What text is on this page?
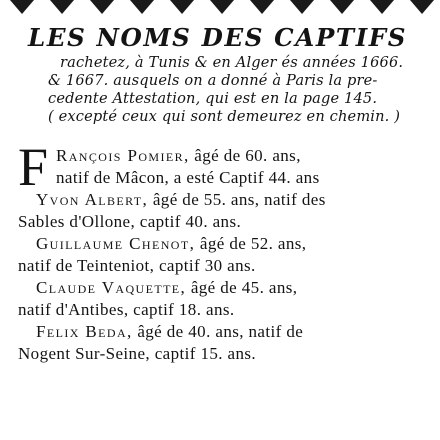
LES NOMS DES CAPTIFS
rachetez, à Tunis & en Alger és années 1666.
& 1667. ausquels on a donné à Paris la pre-
cedente Attestation, qui est en la page 145.
( excepté ceux qui sont demeurez en chemin. )
F Rançois Pomier, âgé de 60. ans,
natif de Mâcon, a esté Captif 44. ans
Yvon Albert, âgé de 55. ans, natif des
Sables d'Ollone, captif 40. ans.
Guillaume Chenot, âgé de 52. ans,
natif de Teinteniot, captif 30 ans.
Claude Vaquette, âgé de 45. ans,
natif d'Antibes, captif 18. ans.
Felix Beda, âgé de 40. ans, natif de
Nogent Sur-Seine, captif 15. ans.
